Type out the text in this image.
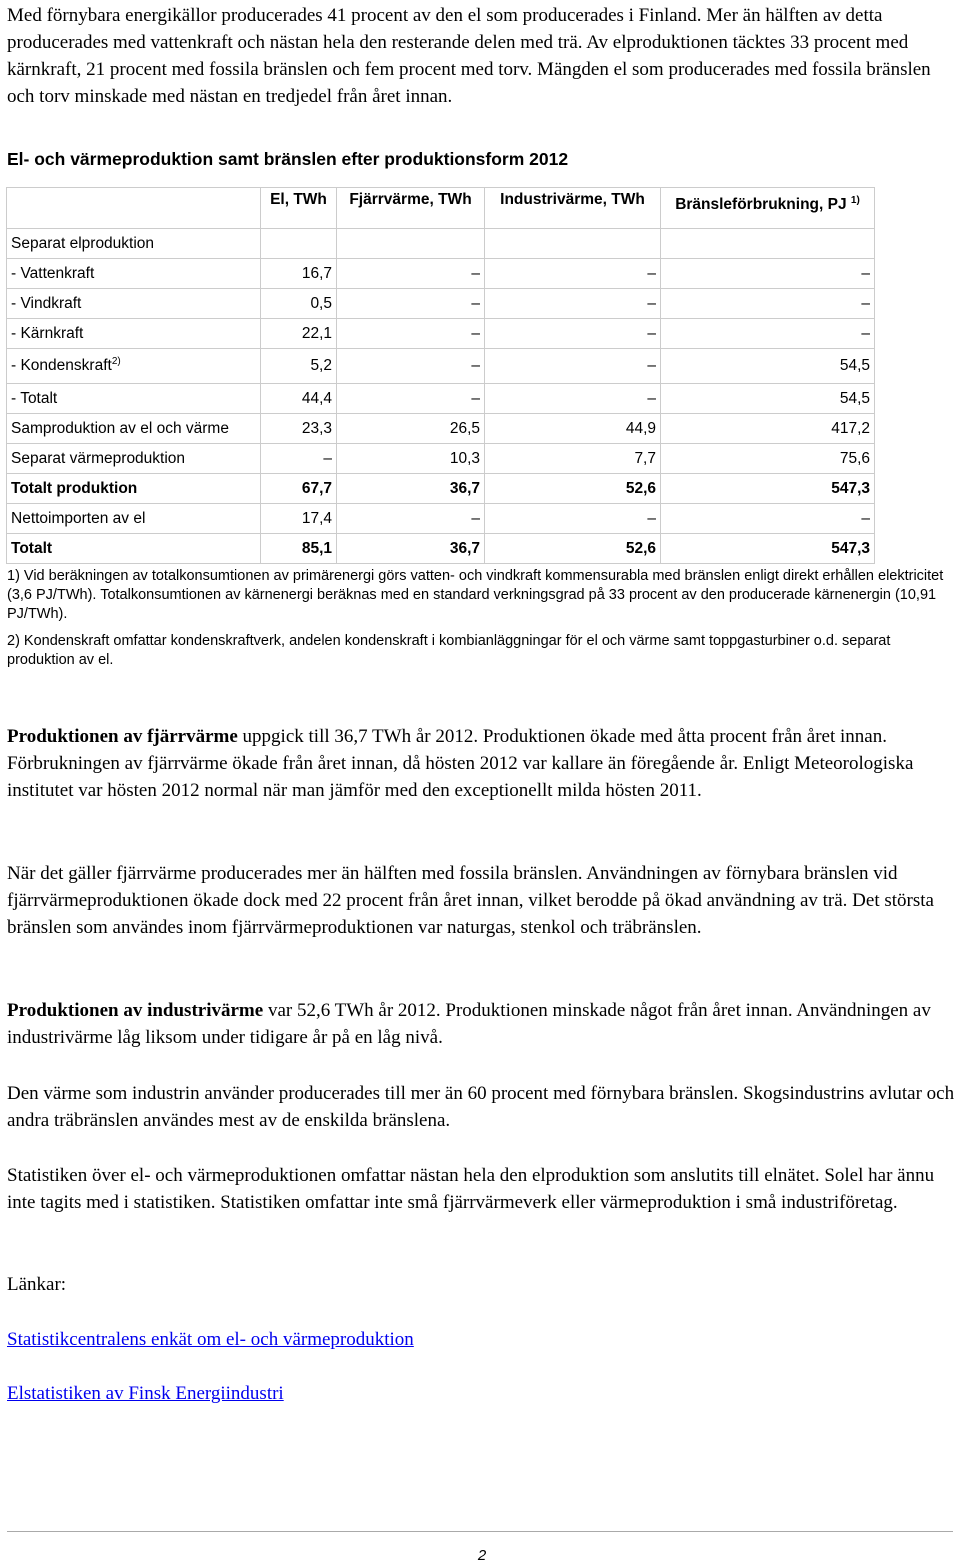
Med förnybara energikällor producerades 41 procent av den el som producerades i Finland. Mer än hälften av detta producerades med vattenkraft och nästan hela den resterande delen med trä. Av elproduktionen täcktes 33 procent med kärnkraft, 21 procent med fossila bränslen och fem procent med torv. Mängden el som producerades med fossila bränslen och torv minskade med nästan en tredjedel från året innan.

El- och värmeproduktion samt bränslen efter produktionsform 2012
	El, TWh	Fjärrvärme, TWh	Industrivärme, TWh	Bränsleförbrukning, PJ $^{1)}$
Separat elproduktion				
- Vattenkraft	16,7	–	–	–
- Vindkraft	0,5	–	–	–
- Kärnkraft	22,1	–	–	–
- Kondenskraft$^{2)}$	5,2	–	–	54,5
- Totalt	44,4	–	–	54,5
Samproduktion av el och värme	23,3	26,5	44,9	417,2
Separat värmeproduktion	–	10,3	7,7	75,6
Totalt produktion	67,7	36,7	52,6	547,3
Nettoimporten av el	17,4	–	–	–
Totalt	85,1	36,7	52,6	547,3

1) Vid beräkningen av totalkonsumtionen av primärenergi görs vatten- och vindkraft kommensurabla med bränslen enligt direkt erhållen elektricitet (3,6 PJ/TWh). Totalkonsumtionen av kärnenergi beräknas med en standard verkningsgrad på 33 procent av den producerade kärnenergin (10,91 PJ/TWh).

2) Kondenskraft omfattar kondenskraftverk, andelen kondenskraft i kombianläggningar för el och värme samt toppgasturbiner o.d. separat produktion av el.

Produktionen av fjärrvärme uppgick till 36,7 TWh år 2012. Produktionen ökade med åtta procent från året innan. Förbrukningen av fjärrvärme ökade från året innan, då hösten 2012 var kallare än föregående år. Enligt Meteorologiska institutet var hösten 2012 normal när man jämför med den exceptionellt milda hösten 2011.

När det gäller fjärrvärme producerades mer än hälften med fossila bränslen. Användningen av förnybara bränslen vid fjärrvärmeproduktionen ökade dock med 22 procent från året innan, vilket berodde på ökad användning av trä. Det största bränslen som användes inom fjärrvärmeproduktionen var naturgas, stenkol och träbränslen.

Produktionen av industrivärme var 52,6 TWh år 2012. Produktionen minskade något från året innan. Användningen av industrivärme låg liksom under tidigare år på en låg nivå.

Den värme som industrin använder producerades till mer än 60 procent med förnybara bränslen. Skogsindustrins avlutar och andra träbränslen användes mest av de enskilda bränslena.

Statistiken över el- och värmeproduktionen omfattar nästan hela den elproduktion som anslutits till elnätet. Solel har ännu inte tagits med i statistiken. Statistiken omfattar inte små fjärrvärmeverk eller värmeproduktion i små industriföretag.

Länkar:

Statistikcentralens enkät om el- och värmeproduktion

Elstatistiken av Finsk Energiindustri

2
